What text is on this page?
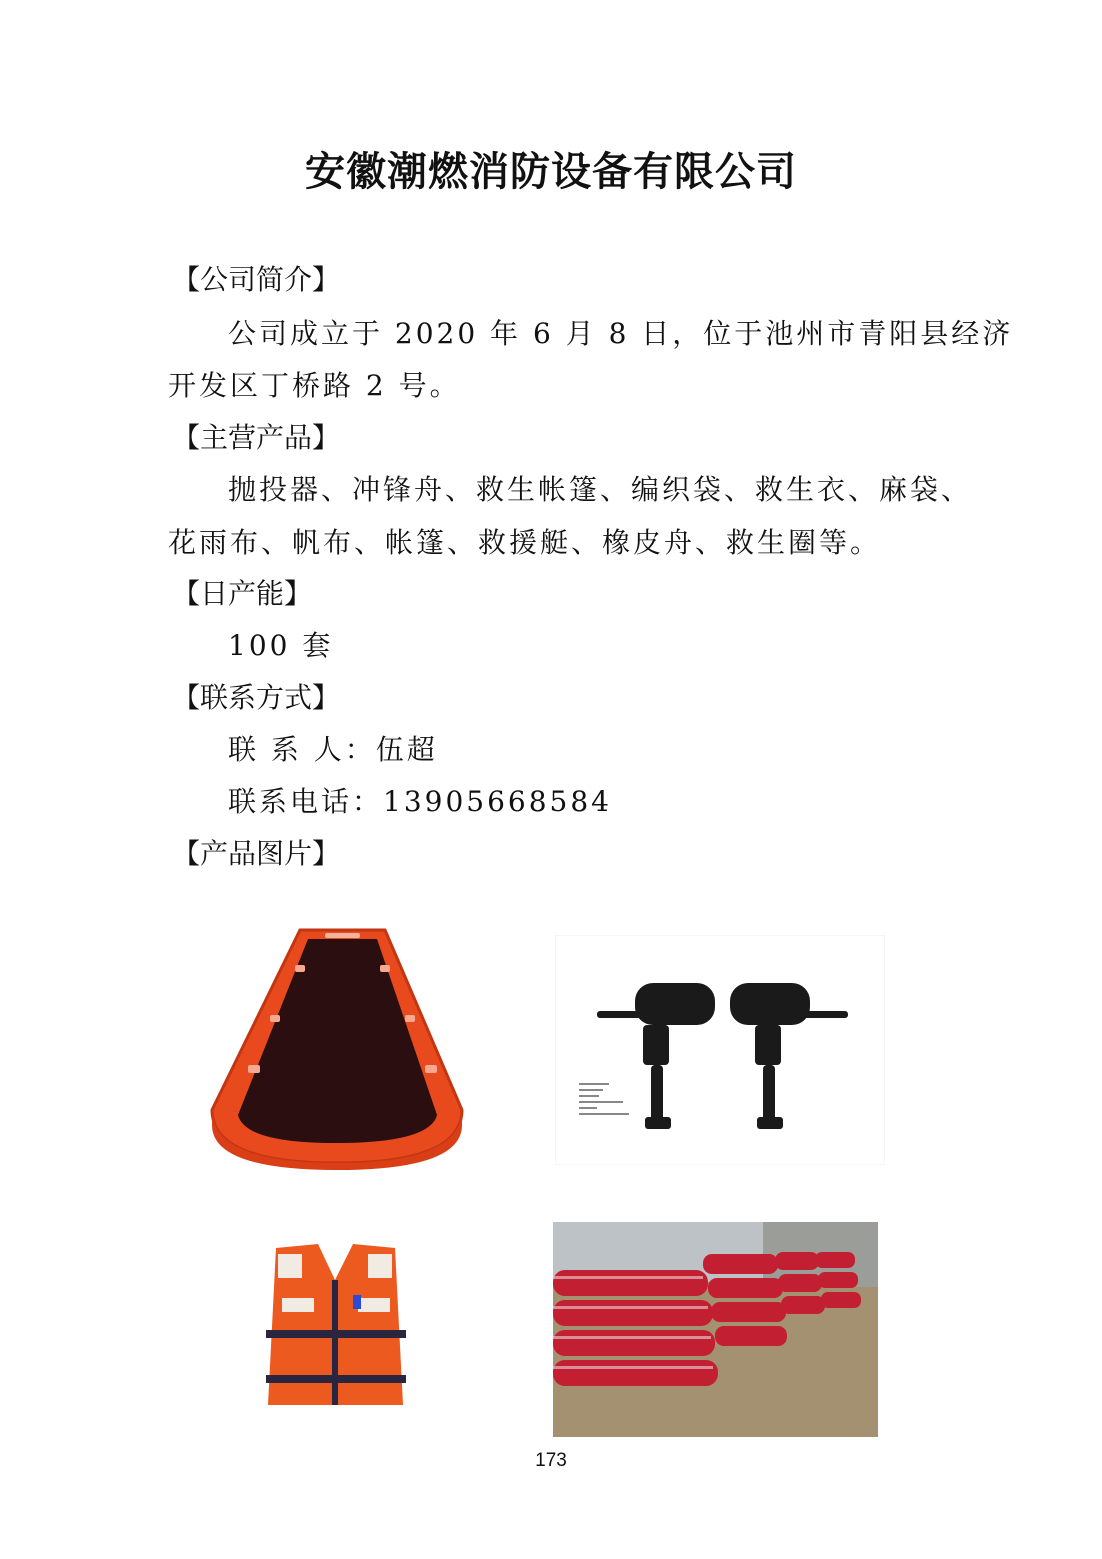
安徽潮燃消防设备有限公司
【公司简介】
公司成立于 2020 年 6 月 8 日，位于池州市青阳县经济
开发区丁桥路 2 号。
【主营产品】
抛投器、冲锋舟、救生帐篷、编织袋、救生衣、麻袋、
花雨布、帆布、帐篷、救援艇、橡皮舟、救生圈等。
【日产能】
100 套
【联系方式】
联 系 人：伍超
联系电话：13905668584
【产品图片】
173
